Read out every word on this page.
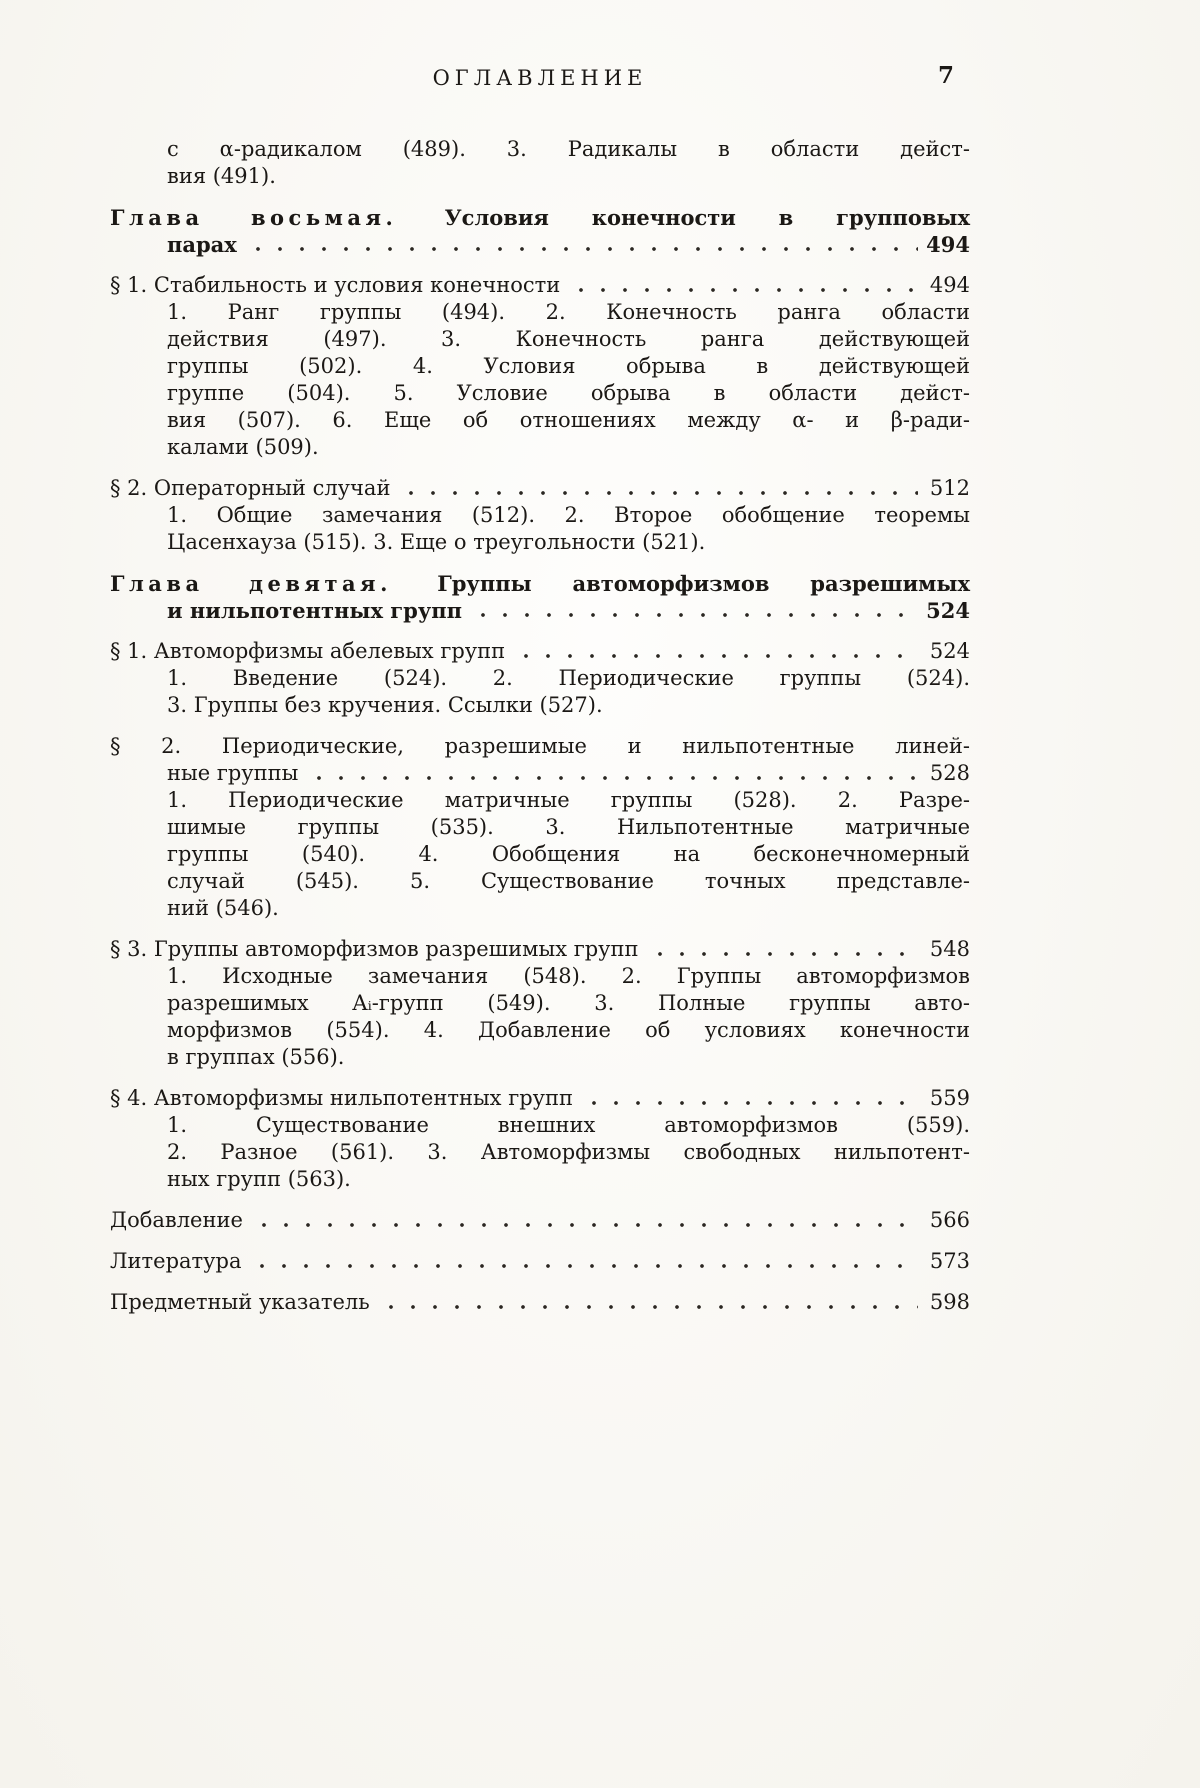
ОГЛАВЛЕНИЕ	7
с α-радикалом (489). 3. Радикалы в области дейст-
вия (491).
Глава восьмая. Условия конечности в групповых
парах	494
§ 1. Стабильность и условия конечности	494
1. Ранг группы (494). 2. Конечность ранга области
действия (497). 3. Конечность ранга действующей
группы (502). 4. Условия обрыва в действующей
группе (504). 5. Условие обрыва в области дейст-
вия (507). 6. Еще об отношениях между α- и β-ради-
калами (509).
§ 2. Операторный случай	512
1. Общие замечания (512). 2. Второе обобщение теоремы
Цасенхауза (515). 3. Еще о треугольности (521).
Глава девятая. Группы автоморфизмов разрешимых
и нильпотентных групп	524
§ 1. Автоморфизмы абелевых групп	524
1. Введение (524). 2. Периодические группы (524).
3. Группы без кручения. Ссылки (527).
§ 2. Периодические, разрешимые и нильпотентные линей-
ные группы	528
1. Периодические матричные группы (528). 2. Разре-
шимые группы (535). 3. Нильпотентные матричные
группы (540). 4. Обобщения на бесконечномерный
случай (545). 5. Существование точных представле-
ний (546).
§ 3. Группы автоморфизмов разрешимых групп	548
1. Исходные замечания (548). 2. Группы автоморфизмов
разрешимых Aᵢ-групп (549). 3. Полные группы авто-
морфизмов (554). 4. Добавление об условиях конечности
в группах (556).
§ 4. Автоморфизмы нильпотентных групп	559
1. Существование внешних автоморфизмов (559).
2. Разное (561). 3. Автоморфизмы свободных нильпотент-
ных групп (563).
Добавление	566
Литература	573
Предметный указатель	598
